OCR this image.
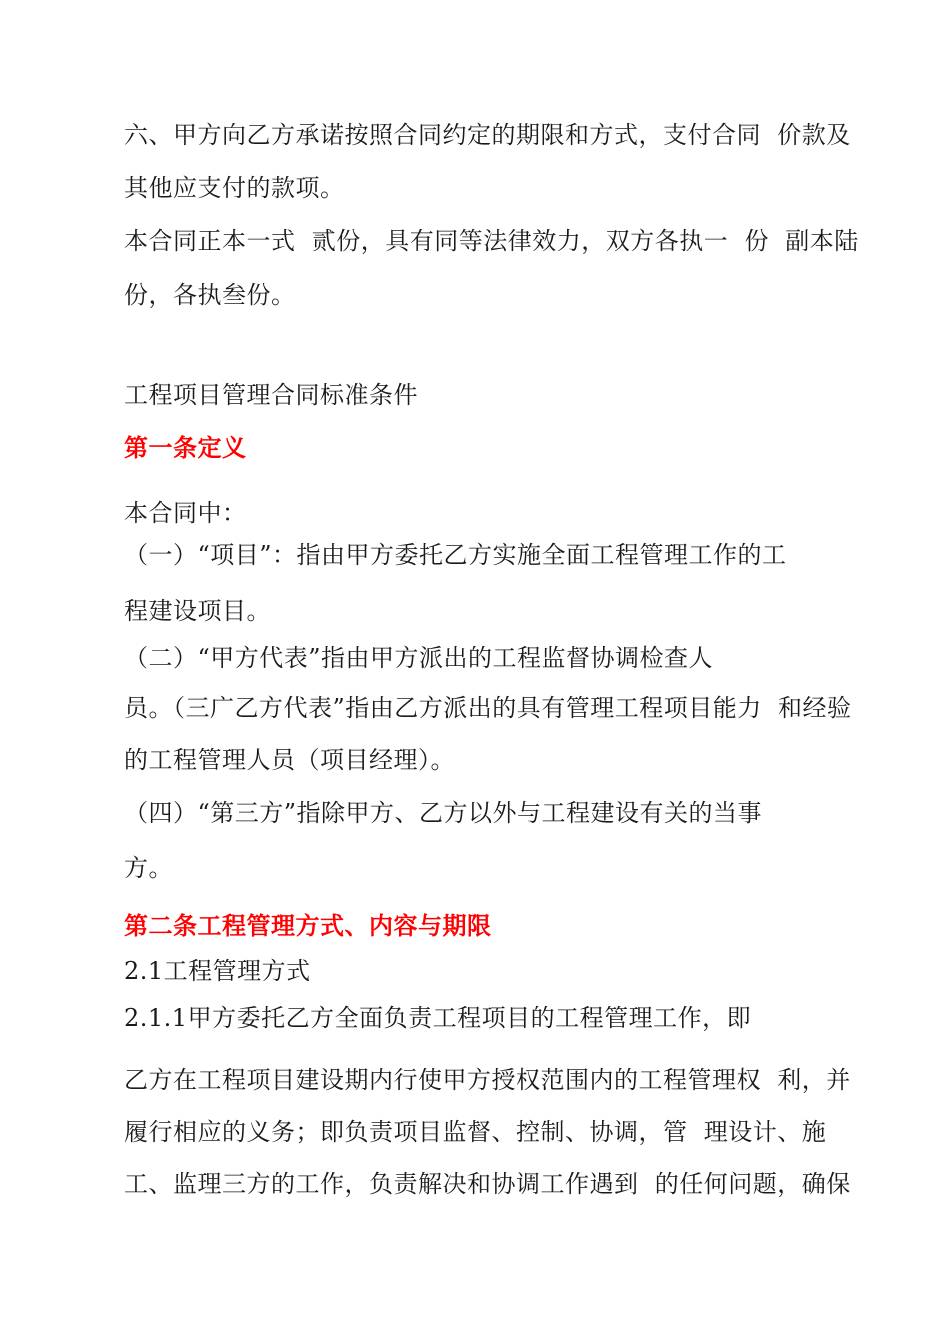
六、甲方向乙方承诺按照合同约定的期限和方式，支付合同  价款及
其他应支付的款项。
本合同正本一式  贰份，具有同等法律效力，双方各执一  份  副本陆
份，各执叁份。
工程项目管理合同标准条件
第一条定义
本合同中：
（一）“项目”：指由甲方委托乙方实施全面工程管理工作的工
程建设项目。
（二）“甲方代表”指由甲方派出的工程监督协调检查人
员。（三广乙方代表”指由乙方派出的具有管理工程项目能力  和经验
的工程管理人员（项目经理）。
（四）“第三方”指除甲方、乙方以外与工程建设有关的当事
方。
第二条工程管理方式、内容与期限
2.1工程管理方式
2.1.1甲方委托乙方全面负责工程项目的工程管理工作，即
乙方在工程项目建设期内行使甲方授权范围内的工程管理权  利，并
履行相应的义务；即负责项目监督、控制、协调，管  理设计、施
工、监理三方的工作，负责解决和协调工作遇到  的任何问题，确保
